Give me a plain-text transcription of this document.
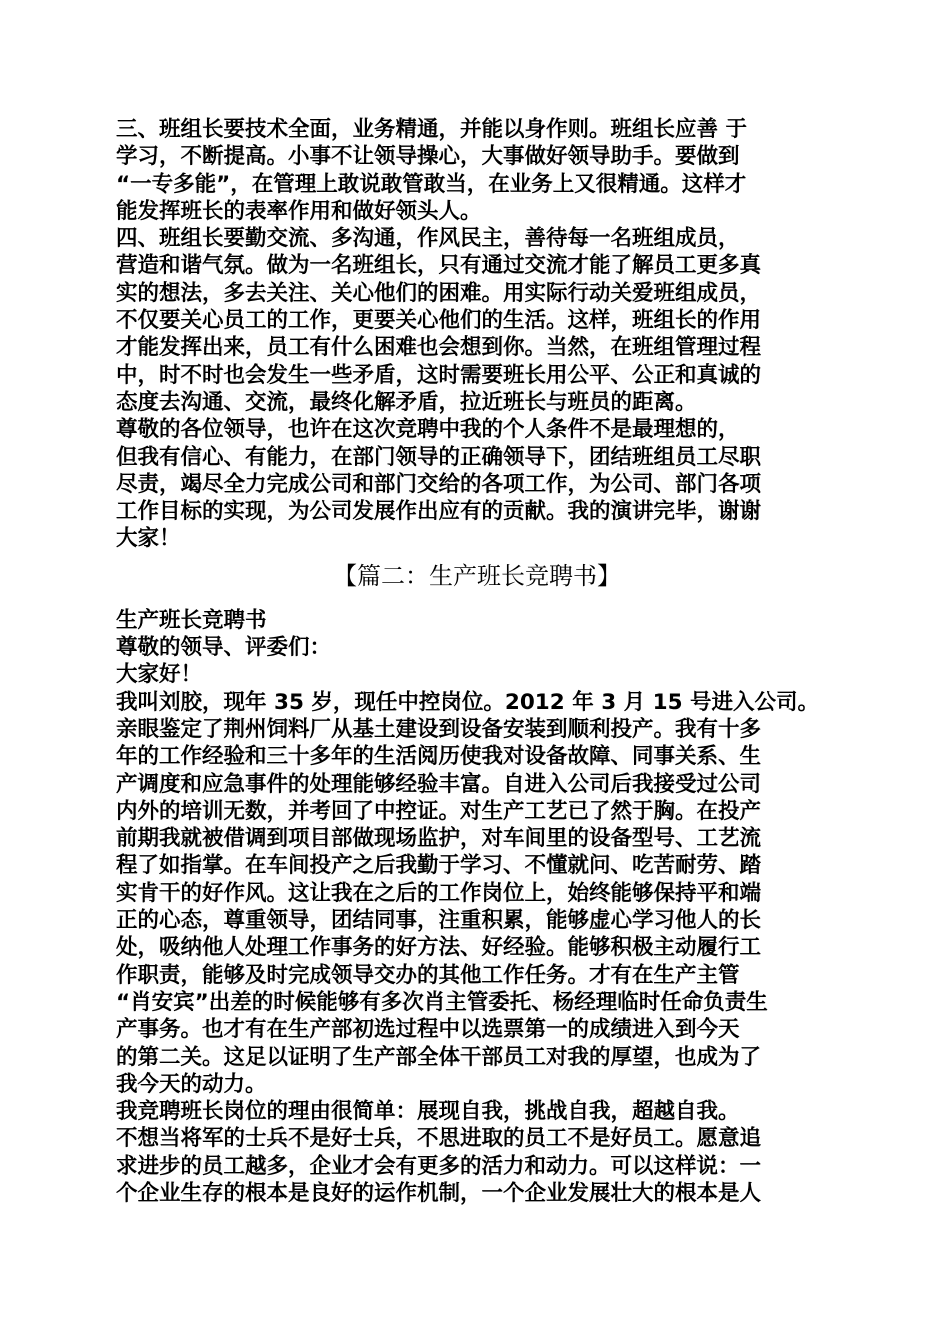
三、班组长要技术全面，业务精通，并能以身作则。班组长应善 于
学习，不断提高。小事不让领导操心，大事做好领导助手。要做到
“一专多能”，在管理上敢说敢管敢当，在业务上又很精通。这样才
能发挥班长的表率作用和做好领头人。
四、班组长要勤交流、多沟通，作风民主，善待每一名班组成员，
营造和谐气氛。做为一名班组长，只有通过交流才能了解员工更多真
实的想法，多去关注、关心他们的困难。用实际行动关爱班组成员，
不仅要关心员工的工作，更要关心他们的生活。这样，班组长的作用
才能发挥出来，员工有什么困难也会想到你。当然，在班组管理过程
中，时不时也会发生一些矛盾，这时需要班长用公平、公正和真诚的
态度去沟通、交流，最终化解矛盾，拉近班长与班员的距离。
尊敬的各位领导，也许在这次竞聘中我的个人条件不是最理想的，
但我有信心、有能力，在部门领导的正确领导下，团结班组员工尽职
尽责，竭尽全力完成公司和部门交给的各项工作，为公司、部门各项
工作目标的实现，为公司发展作出应有的贡献。我的演讲完毕，谢谢
大家！
【篇二：生产班长竞聘书】
生产班长竞聘书
尊敬的领导、评委们：
大家好！
我叫刘胶，现年 35 岁，现任中控岗位。2012 年 3 月 15 号进入公司。
亲眼鉴定了荆州饲料厂从基土建设到设备安装到顺利投产。我有十多
年的工作经验和三十多年的生活阅历使我对设备故障、同事关系、生
产调度和应急事件的处理能够经验丰富。自进入公司后我接受过公司
内外的培训无数，并考回了中控证。对生产工艺已了然于胸。在投产
前期我就被借调到项目部做现场监护，对车间里的设备型号、工艺流
程了如指掌。在车间投产之后我勤于学习、不懂就问、吃苦耐劳、踏
实肯干的好作风。这让我在之后的工作岗位上，始终能够保持平和端
正的心态，尊重领导，团结同事，注重积累，能够虚心学习他人的长
处，吸纳他人处理工作事务的好方法、好经验。能够积极主动履行工
作职责，能够及时完成领导交办的其他工作任务。才有在生产主管
“肖安宾”出差的时候能够有多次肖主管委托、杨经理临时任命负责生
产事务。也才有在生产部初选过程中以选票第一的成绩进入到今天
的第二关。这足以证明了生产部全体干部员工对我的厚望，也成为了
我今天的动力。
我竞聘班长岗位的理由很简单：展现自我，挑战自我，超越自我。
不想当将军的士兵不是好士兵，不思进取的员工不是好员工。愿意追
求进步的员工越多，企业才会有更多的活力和动力。可以这样说：一
个企业生存的根本是良好的运作机制，一个企业发展壮大的根本是人
